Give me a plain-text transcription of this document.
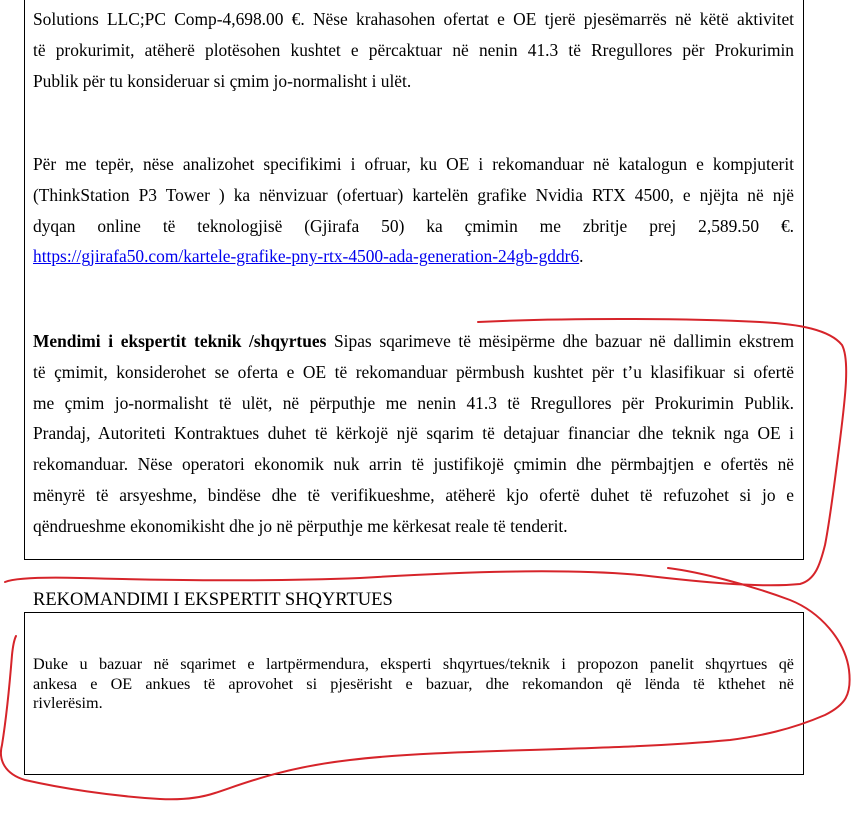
Solutions LLC;PC Comp-4,698.00 €. Nëse krahasohen ofertat e OE tjerë pjesëmarrës në këtë aktivitet
të prokurimit, atëherë plotësohen kushtet e përcaktuar në nenin 41.3 të Rregullores për Prokurimin
Publik për tu konsideruar si çmim jo-normalisht i ulët.
Për me tepër, nëse analizohet specifikimi i ofruar, ku OE i rekomanduar në katalogun e kompjuterit
(ThinkStation P3 Tower ) ka nënvizuar (ofertuar) kartelën grafike Nvidia RTX 4500, e njëjta në një
dyqan online të teknologjisë (Gjirafa 50) ka çmimin me zbritje prej 2,589.50 €.
https://gjirafa50.com/kartele-grafike-pny-rtx-4500-ada-generation-24gb-gddr6.
Mendimi i ekspertit teknik /shqyrtues Sipas sqarimeve të mësipërme dhe bazuar në dallimin ekstrem
të çmimit, konsiderohet se oferta e OE të rekomanduar përmbush kushtet për t’u klasifikuar si ofertë
me çmim jo-normalisht të ulët, në përputhje me nenin 41.3 të Rregullores për Prokurimin Publik.
Prandaj, Autoriteti Kontraktues duhet të kërkojë një sqarim të detajuar financiar dhe teknik nga OE i
rekomanduar. Nëse operatori ekonomik nuk arrin të justifikojë çmimin dhe përmbajtjen e ofertës në
mënyrë të arsyeshme, bindëse dhe të verifikueshme, atëherë kjo ofertë duhet të refuzohet si jo e
qëndrueshme ekonomikisht dhe jo në përputhje me kërkesat reale të tenderit.
REKOMANDIMI I EKSPERTIT SHQYRTUES
Duke u bazuar në sqarimet e lartpërmendura, eksperti shqyrtues/teknik i propozon panelit shqyrtues që
ankesa e OE ankues të aprovohet si pjesërisht e bazuar, dhe rekomandon që lënda të kthehet në
rivlerësim.
